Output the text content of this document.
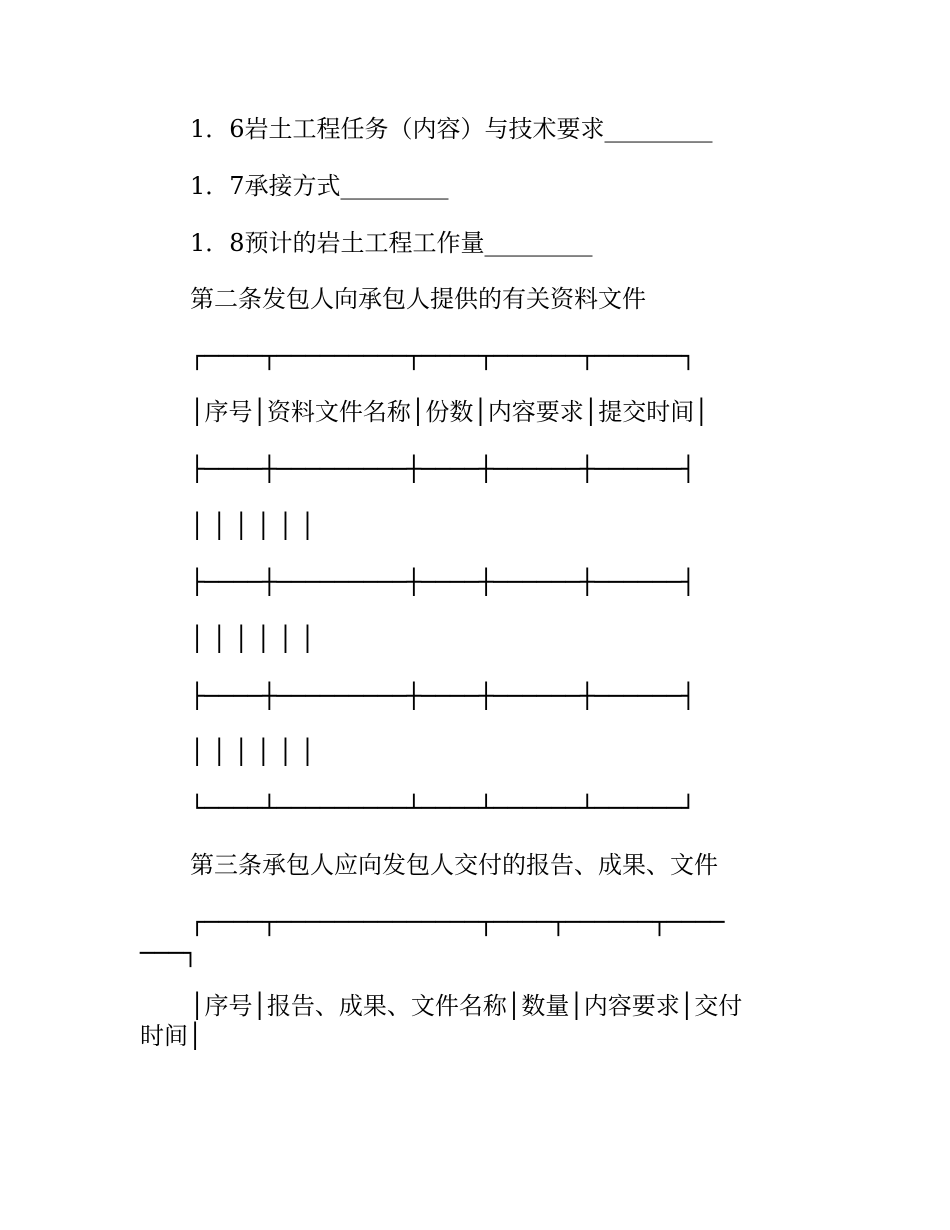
1．6岩土工程任务（内容）与技术要求_________

1．7承接方式_________

1．8预计的岩土工程工作量_________

第二条发包人向承包人提供的有关资料文件

┌────┬─────────┬────┬──────┬──────┐

│序号│资料文件名称│份数│内容要求│提交时间│

├────┼─────────┼────┼──────┼──────┤

│ │ │ │ │ │

├────┼─────────┼────┼──────┼──────┤

│ │ │ │ │ │

├────┼─────────┼────┼──────┼──────┤

│ │ │ │ │ │

└────┴─────────┴────┴──────┴──────┘

第三条承包人应向发包人交付的报告、成果、文件

┌────┬──────────────┬────┬──────┬────

───┐

│序号│报告、成果、文件名称│数量│内容要求│交付

时间│
